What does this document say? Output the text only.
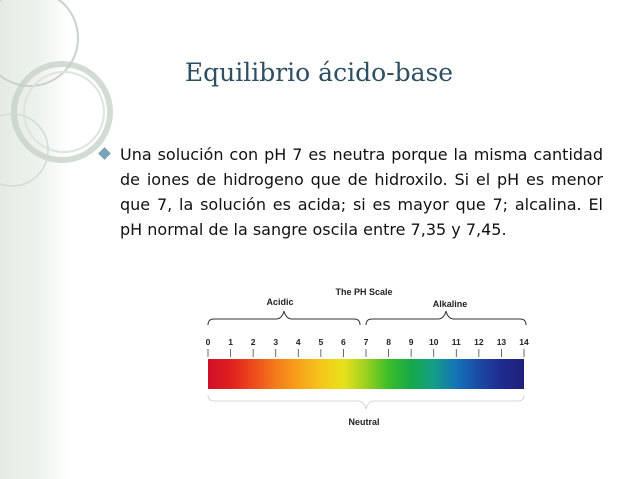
Equilibrio ácido-base
Una solución con pH 7 es neutra porque la misma cantidad de iones de hidrogeno que de hidroxilo. Si el pH es menor que 7, la solución es acida; si es mayor que 7; alcalina. El pH normal de la sangre oscila entre 7,35 y 7,45.
The PH Scale
Acidic	Alkaline
0 1 2 3 4 5 6 7 8 9 10 11 12 13 14
Neutral
